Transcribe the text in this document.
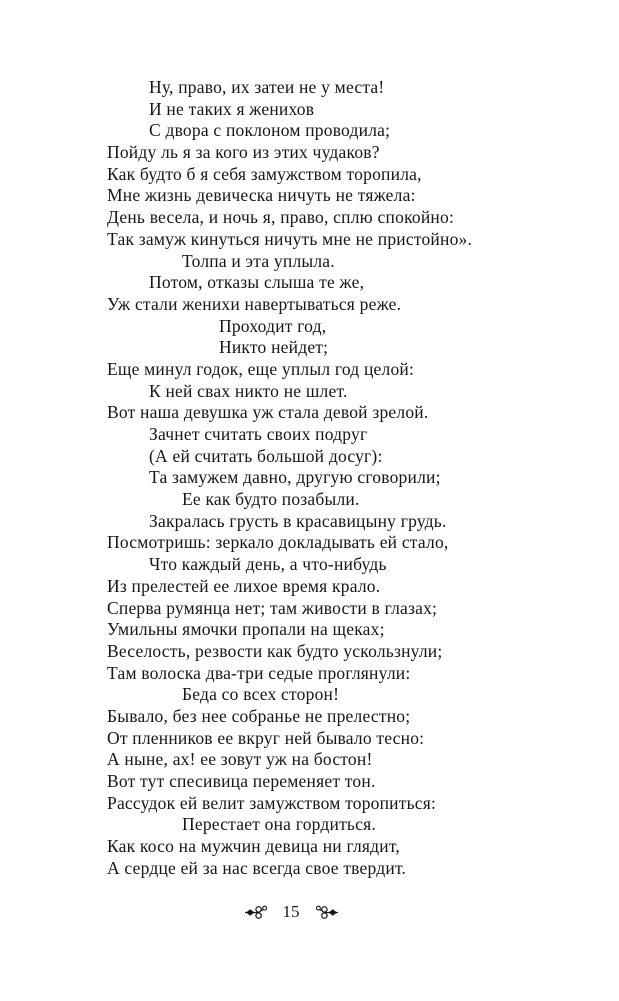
Ну, право, их затеи не у места!
И не таких я женихов
С двора с поклоном проводила;
Пойду ль я за кого из этих чудаков?
Как будто б я себя замужством торопила,
Мне жизнь девическа ничуть не тяжела:
День весела, и ночь я, право, сплю спокойно:
Так замуж кинуться ничуть мне не пристойно».
Толпа и эта уплыла.
Потом, отказы слыша те же,
Уж стали женихи навертываться реже.
Проходит год,
Никто нейдет;
Еще минул годок, еще уплыл год целой:
К ней свах никто не шлет.
Вот наша девушка уж стала девой зрелой.
Зачнет считать своих подруг
(А ей считать большой досуг):
Та замужем давно, другую сговорили;
Ее как будто позабыли.
Закралась грусть в красавицыну грудь.
Посмотришь: зеркало докладывать ей стало,
Что каждый день, а что-нибудь
Из прелестей ее лихое время крало.
Сперва румянца нет; там живости в глазах;
Умильны ямочки пропали на щеках;
Веселость, резвости как будто ускользнули;
Там волоска два-три седые проглянули:
Беда со всех сторон!
Бывало, без нее собранье не прелестно;
От пленников ее вкруг ней бывало тесно:
А ныне, ах! ее зовут уж на бостон!
Вот тут спесивица переменяет тон.
Рассудок ей велит замужством торопиться:
Перестает она гордиться.
Как косо на мужчин девица ни глядит,
А сердце ей за нас всегда свое твердит.
15
